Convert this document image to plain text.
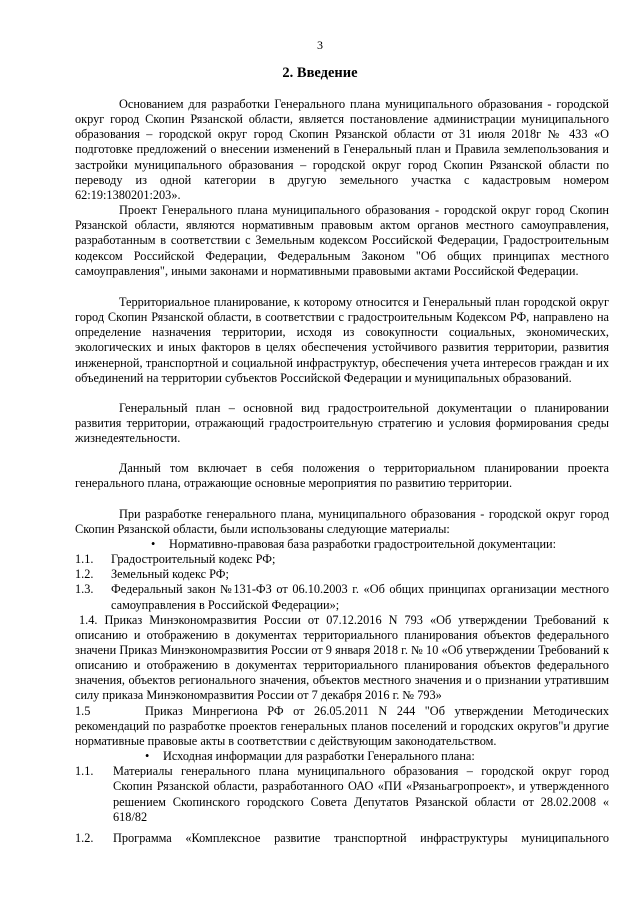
3
2. Введение

Основанием для разработки Генерального плана муниципального образования - городской округ город Скопин Рязанской области, является постановление администрации муниципального образования – городской округ город Скопин Рязанской области от 31 июля 2018г № 433 «О подготовке предложений о внесении изменений в Генеральный план и Правила землепользования и застройки муниципального образования – городской округ город Скопин Рязанской области по переводу из одной категории в другую земельного участка с кадастровым номером 62:19:1380201:203».

Проект Генерального плана муниципального образования - городской округ город Скопин Рязанской области, являются нормативным правовым актом органов местного самоуправления, разработанным в соответствии с Земельным кодексом Российской Федерации, Градостроительным кодексом Российской Федерации, Федеральным Законом "Об общих принципах местного самоуправления", иными законами и нормативными правовыми актами Российской Федерации.

Территориальное планирование, к которому относится и Генеральный план городской округ город Скопин Рязанской области, в соответствии с градостроительным Кодексом РФ, направлено на определение назначения территории, исходя из совокупности социальных, экономических, экологических и иных факторов в целях обеспечения устойчивого развития территории, развития инженерной, транспортной и социальной инфраструктур, обеспечения учета интересов граждан и их объединений на территории субъектов Российской Федерации и муниципальных образований.

Генеральный план – основной вид градостроительной документации о планировании развития территории, отражающий градостроительную стратегию и условия формирования среды жизнедеятельности.

Данный том включает в себя положения о территориальном планировании проекта генерального плана, отражающие основные мероприятия по развитию территории.

При разработке генерального плана, муниципального образования - городской округ город Скопин Рязанской области, были использованы следующие материалы:

•	Нормативно-правовая база разработки градостроительной документации:
1.1.	Градостроительный кодекс РФ;
1.2.	Земельный кодекс РФ;
1.3.	Федеральный закон №131-ФЗ от 06.10.2003 г. «Об общих принципах организации местного самоуправления в Российской Федерации»;

1.4. Приказ Минэкономразвития России от 07.12.2016 N 793 «Об утверждении Требований к описанию и отображению в документах территориального планирования объектов федерального значени Приказ Минэкономразвития России от 9 января 2018 г. № 10 «Об утверждении Требований к описанию и отображению в документах территориального планирования объектов федерального значения, объектов регионального значения, объектов местного значения и о признании утратившим силу приказа Минэкономразвития России от 7 декабря 2016 г. № 793»

1.5	Приказ Минрегиона РФ от 26.05.2011 N 244 "Об утверждении Методических рекомендаций по разработке проектов генеральных планов поселений и городских округов"и другие нормативные правовые акты в соответствии с действующим законодательством.

•	Исходная информации для разработки Генерального плана:
1.1.	Материалы генерального плана муниципального образования – городской округ город Скопин Рязанской области, разработанного ОАО «ПИ «Рязаньагропроект», и утвержденного решением Скопинского городского Совета Депутатов Рязанской области от 28.02.2008 « 618/82
1.2.	Программа «Комплексное развитие транспортной инфраструктуры муниципального
